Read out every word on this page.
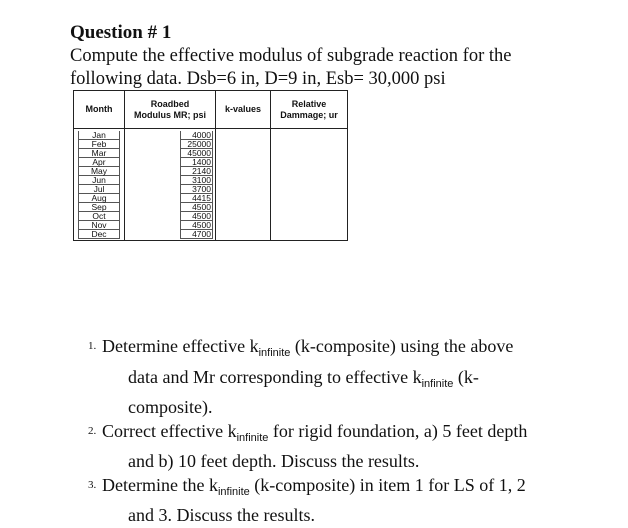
Question # 1
Compute the effective modulus of subgrade reaction for the
following data. Dsb=6 in, D=9 in, Esb= 30,000 psi
Month	Roadbed
Modulus MR; psi	k-values	Relative
Dammage; ur
Jan	4000		
Feb	25000		
Mar	45000		
Apr	1400		
May	2140		
Jun	3100		
Jul	3700		
Aug	4415		
Sep	4500		
Oct	4500		
Nov	4500		
Dec	4700		
1. Determine effective $k_{infinite}$ (k-composite) using the above
data and Mr corresponding to effective $k_{infinite}$ (k-
composite).
2. Correct effective $k_{infinite}$ for rigid foundation, a) 5 feet depth
and b) 10 feet depth. Discuss the results.
3. Determine the $k_{infinite}$ (k-composite) in item 1 for LS of 1, 2
and 3. Discuss the results.
